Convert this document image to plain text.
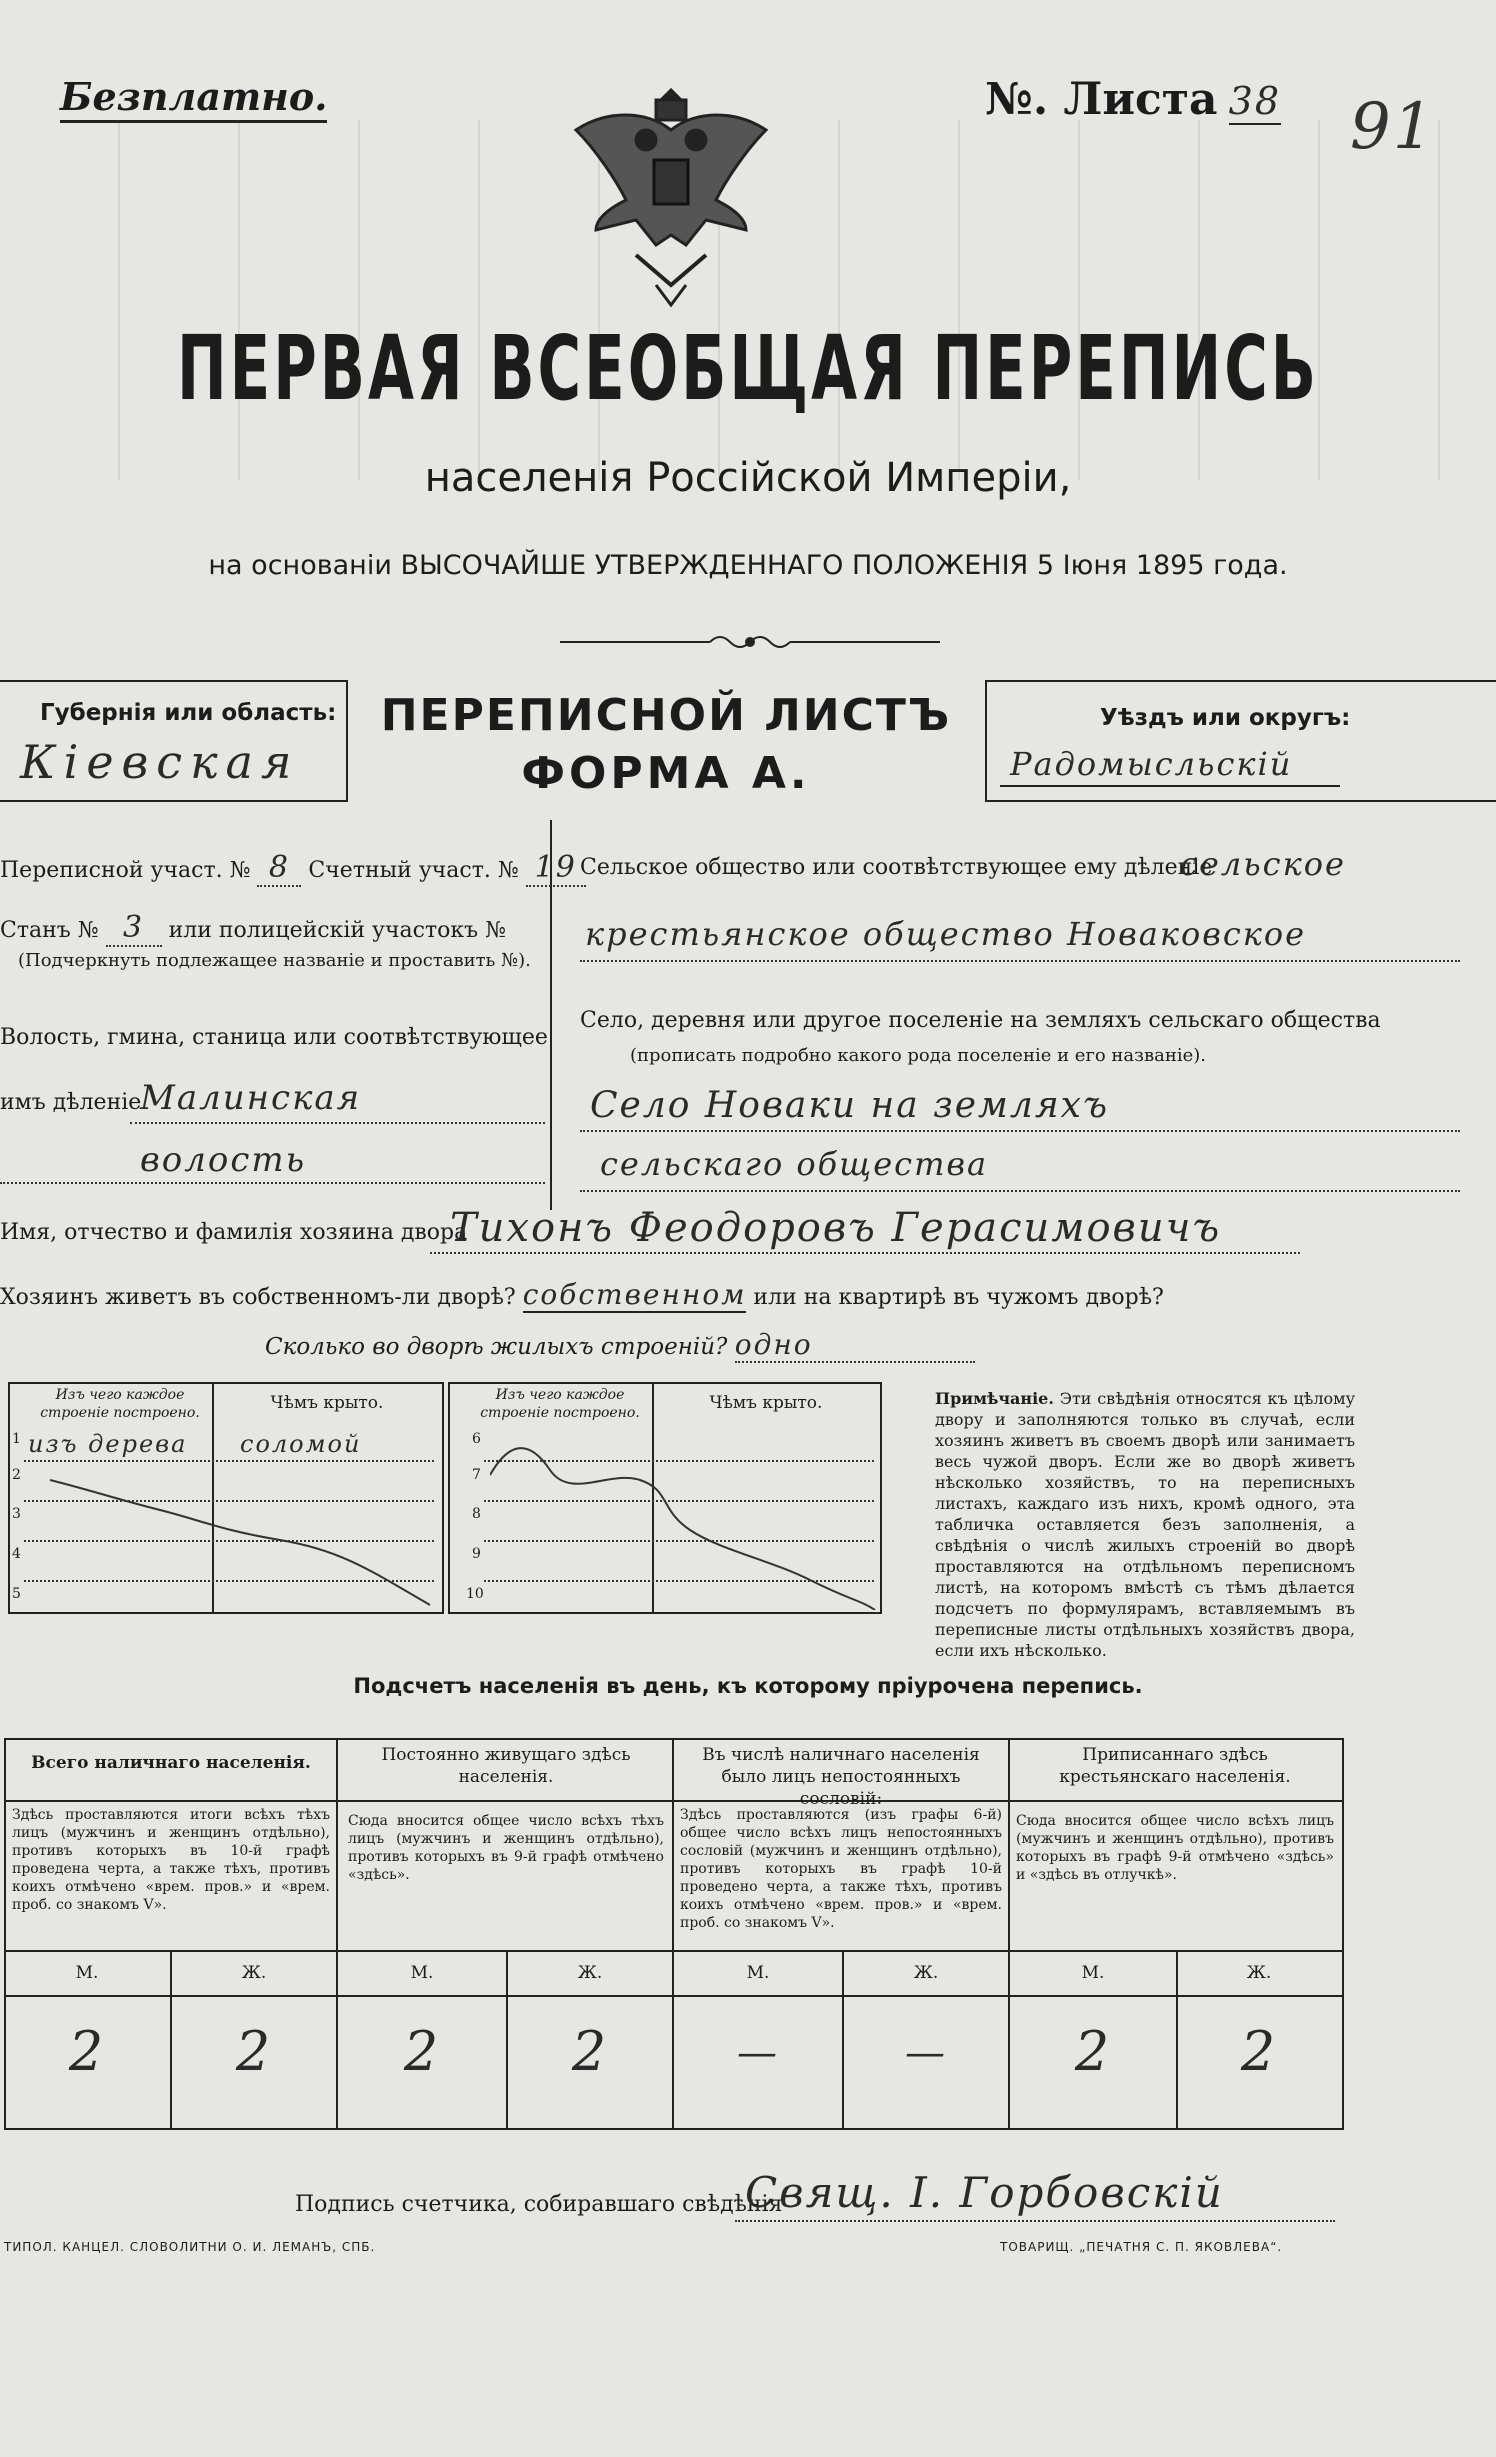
Безплатно.	№. Листа 38	91
ПЕРВАЯ ВСЕОБЩАЯ ПЕРЕПИСЬ
населенія Россійской Имперіи,
на основаніи ВЫСОЧАЙШЕ УТВЕРЖДЕННАГО ПОЛОЖЕНІЯ 5 Іюня 1895 года.
Губернія или область:
Кіевская
ПЕРЕПИСНОЙ ЛИСТЪ
ФОРМА А.
Уѣздъ или округъ:
Радомысльскій
Переписной участ. № 8 Счетный участ. № 19
Станъ № 3 или полицейскій участокъ №
(Подчеркнуть подлежащее названіе и проставить №).
Волость, гмина, станица или соотвѣтствующее
имъ дѣленіе
Малинская
волость
Сельское общество или соотвѣтствующее ему дѣленіе
сельское
крестьянское общество Новаковское
Село, деревня или другое поселеніе на земляхъ сельскаго общества
(прописать подробно какого рода поселеніе и его названіе).
Село Новаки на земляхъ
сельскаго общества
Имя, отчество и фамилія хозяина двора
Тихонъ Феодоровъ Герасимовичъ
Хозяинъ живетъ въ собственномъ-ли дворѣ? собственном или на квартирѣ въ чужомъ дворѣ?
Сколько во дворѣ жилыхъ строеній? одно
Изъ чего каждое строеніе построено.	Чѣмъ крыто.
1
2
3
4
5
изъ дерева соломой
Изъ чего каждое строеніе построено.	Чѣмъ крыто.
6
7
8
9
10
Примѣчаніе. Эти свѣдѣнія относятся къ цѣлому двору и заполняются только въ случаѣ, если хозяинъ живетъ въ своемъ дворѣ или занимаетъ весь чужой дворъ. Если же во дворѣ живетъ нѣсколько хозяйствъ, то на переписныхъ листахъ, каждаго изъ нихъ, кромѣ одного, эта табличка оставляется безъ заполненія, а свѣдѣнія о числѣ жилыхъ строеній во дворѣ проставляются на отдѣльномъ переписномъ листѣ, на которомъ вмѣстѣ съ тѣмъ дѣлается подсчетъ по формулярамъ, вставляемымъ въ переписные листы отдѣльныхъ хозяйствъ двора, если ихъ нѣсколько.
Подсчетъ населенія въ день, къ которому пріурочена перепись.
Всего наличнаго населенія.
Здѣсь проставляются итоги всѣхъ тѣхъ лицъ (мужчинъ и женщинъ отдѣльно), противъ которыхъ въ 10-й графѣ проведена черта, а также тѣхъ, противъ коихъ отмѣчено «врем. пров.» и «врем. проб. со знакомъ V».
М.	Ж.
2	2
Постоянно живущаго здѣсь населенія.
Сюда вносится общее число всѣхъ тѣхъ лицъ (мужчинъ и женщинъ отдѣльно), противъ которыхъ въ 9-й графѣ отмѣчено «здѣсь».
М.	Ж.
2	2
Въ числѣ наличнаго населенія было лицъ непостоянныхъ сословій:
Здѣсь проставляются (изъ графы 6-й) общее число всѣхъ лицъ непостоянныхъ сословій (мужчинъ и женщинъ отдѣльно), противъ которыхъ въ графѣ 10-й проведено черта, а также тѣхъ, противъ коихъ отмѣчено «врем. пров.» и «врем. проб. со знакомъ V».
М.	Ж.
—	—
Приписаннаго здѣсь крестьянскаго населенія.
Сюда вносится общее число всѣхъ лицъ (мужчинъ и женщинъ отдѣльно), противъ которыхъ въ графѣ 9-й отмѣчено «здѣсь» и «здѣсь въ отлучкѣ».
М.	Ж.
2	2
Подпись счетчика, собиравшаго свѣдѣнія
Свящ. І. Горбовскій
ТИПОЛ. КАНЦЕЛ. СЛОВОЛИТНИ О. И. ЛЕМАНЪ, СПБ.	ТОВАРИЩ. „ПЕЧАТНЯ С. П. ЯКОВЛЕВА“.
